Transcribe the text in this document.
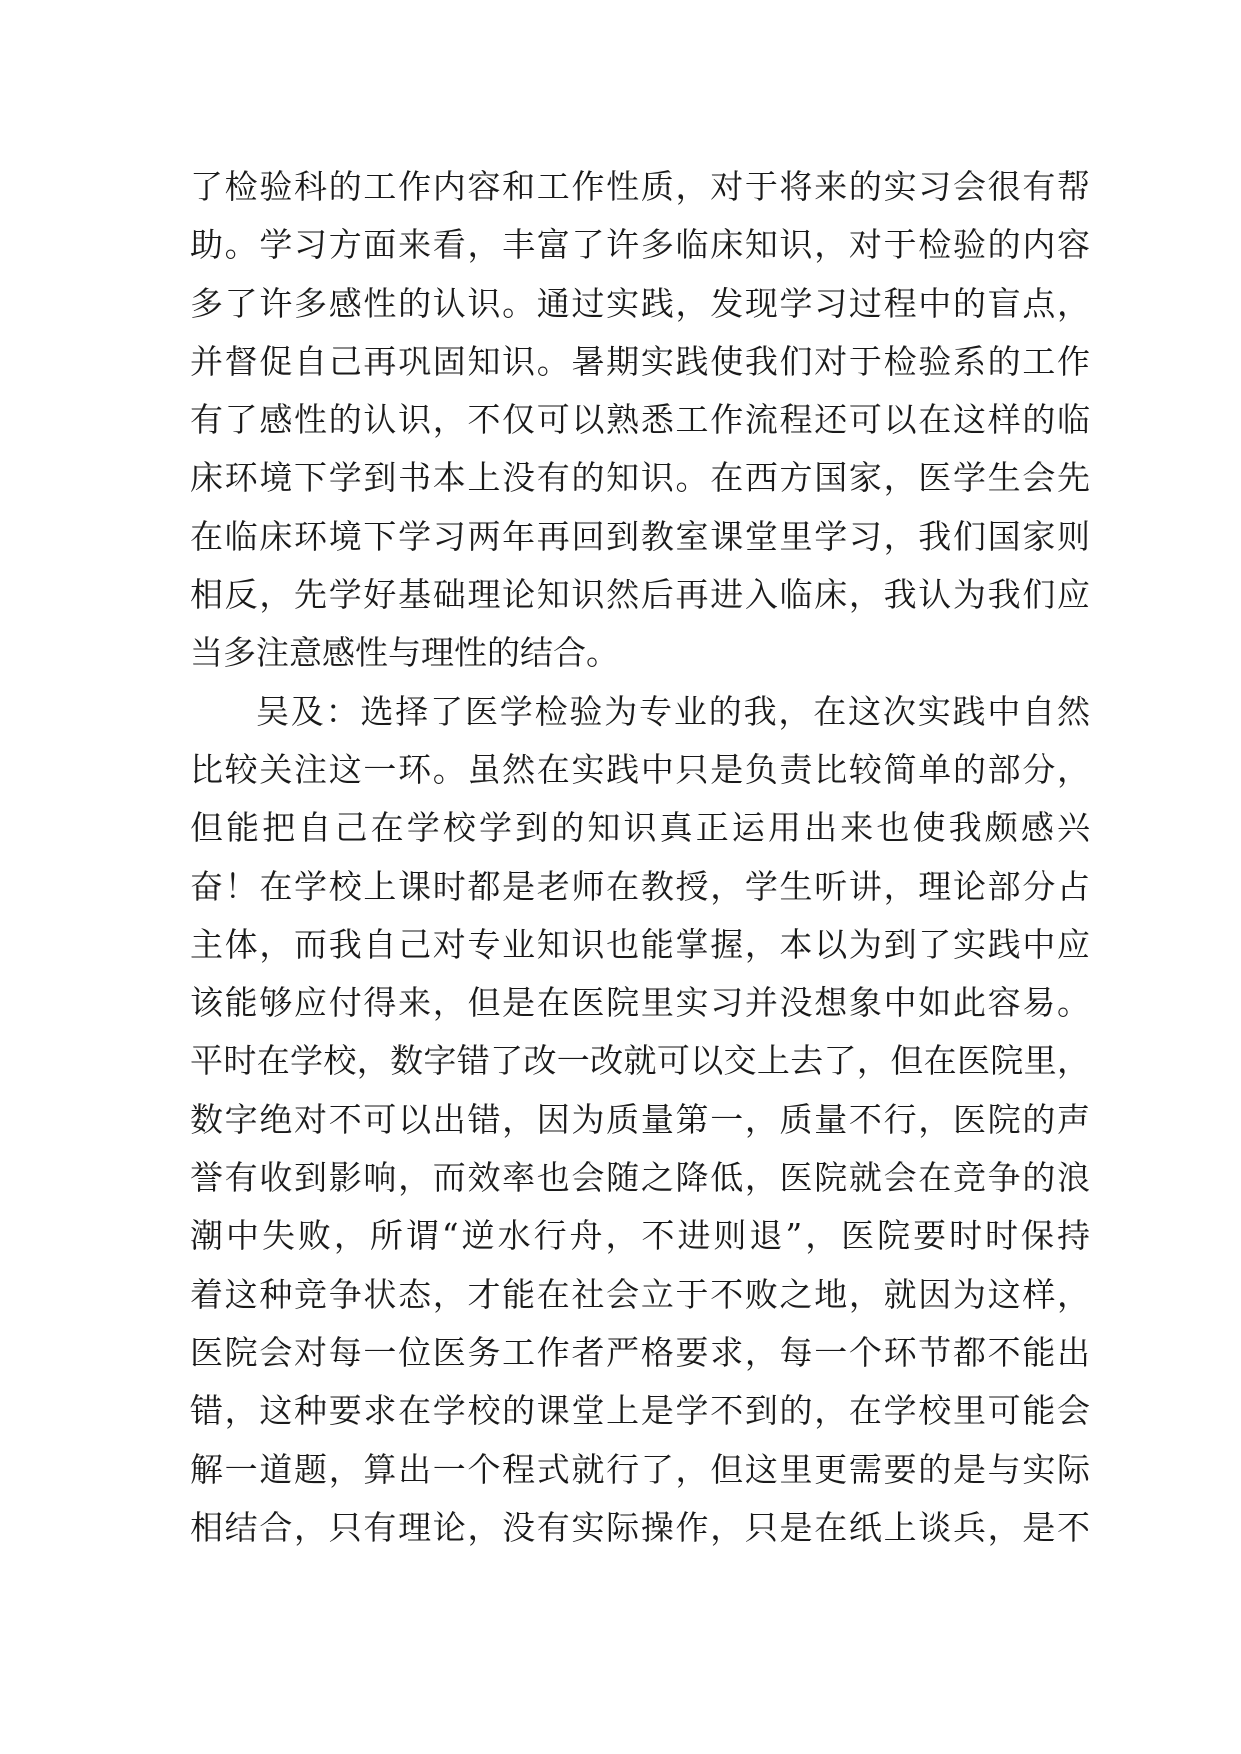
了检验科的工作内容和工作性质，对于将来的实习会很有帮
助。学习方面来看，丰富了许多临床知识，对于检验的内容
多了许多感性的认识。通过实践，发现学习过程中的盲点，
并督促自己再巩固知识。暑期实践使我们对于检验系的工作
有了感性的认识，不仅可以熟悉工作流程还可以在这样的临
床环境下学到书本上没有的知识。在西方国家，医学生会先
在临床环境下学习两年再回到教室课堂里学习，我们国家则
相反，先学好基础理论知识然后再进入临床，我认为我们应
当多注意感性与理性的结合。
吴及：选择了医学检验为专业的我，在这次实践中自然
比较关注这一环。虽然在实践中只是负责比较简单的部分，
但能把自己在学校学到的知识真正运用出来也使我颇感兴
奋！在学校上课时都是老师在教授，学生听讲，理论部分占
主体，而我自己对专业知识也能掌握，本以为到了实践中应
该能够应付得来，但是在医院里实习并没想象中如此容易。
平时在学校，数字错了改一改就可以交上去了，但在医院里，
数字绝对不可以出错，因为质量第一，质量不行，医院的声
誉有收到影响，而效率也会随之降低，医院就会在竞争的浪
潮中失败，所谓“逆水行舟，不进则退”，医院要时时保持
着这种竞争状态，才能在社会立于不败之地，就因为这样，
医院会对每一位医务工作者严格要求，每一个环节都不能出
错，这种要求在学校的课堂上是学不到的，在学校里可能会
解一道题，算出一个程式就行了，但这里更需要的是与实际
相结合，只有理论，没有实际操作，只是在纸上谈兵，是不
